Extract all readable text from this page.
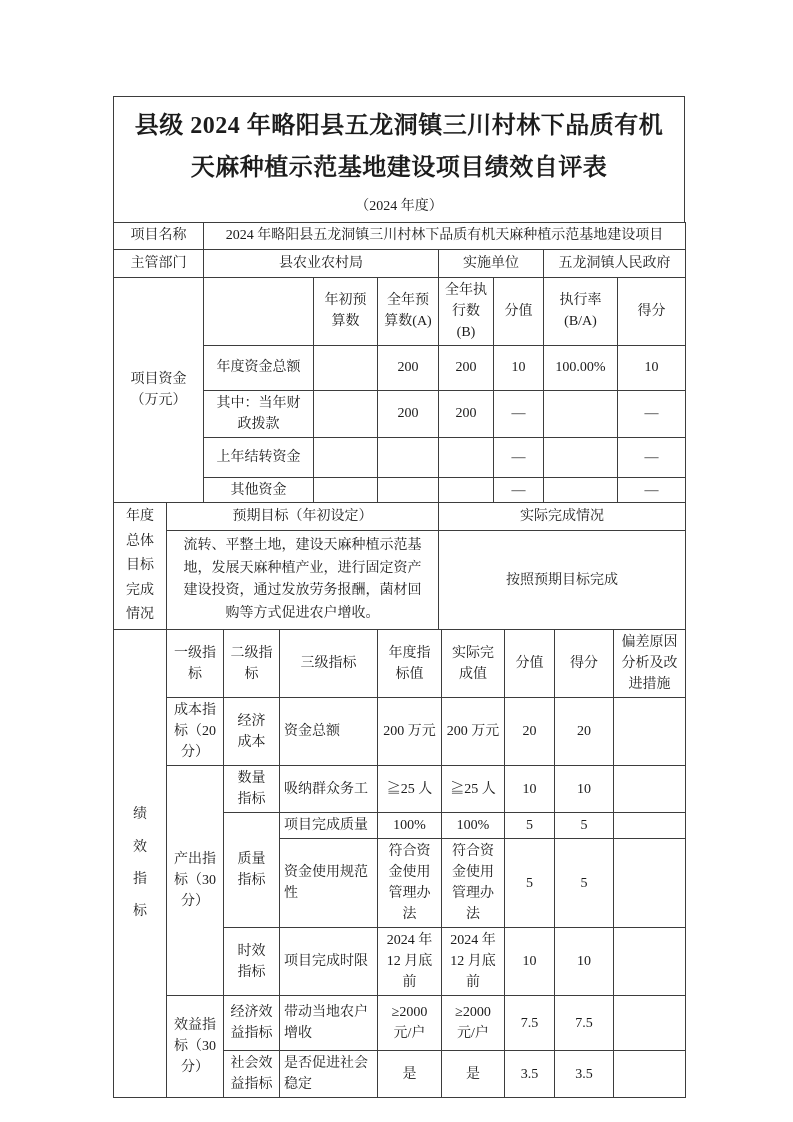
县级 2024 年略阳县五龙洞镇三川村林下品质有机天麻种植示范基地建设项目绩效自评表
（2024 年度）
项目名称	2024 年略阳县五龙洞镇三川村林下品质有机天麻种植示范基地建设项目						
主管部门	县农业农村局			实施单位		五龙洞镇人民政府	
项目资金
（万元）		年初预算数	全年预算数(A)	全年执行数(B)	分值	执行率 (B/A)	得分
	年度资金总额		200	200	10	100.00%	10
	其中：当年财政拨款		200	200	—		—
	上年结转资金				—		—
	其他资金				—		—
年度总体目标完成情况	预期目标（年初设定）	实际完成情况
	流转、平整土地，建设天麻种植示范基地，发展天麻种植产业，进行固定资产建设投资，通过发放劳务报酬，菌材回购等方式促进农户增收。	按照预期目标完成
绩效指标	一级指标	二级指标	三级指标	年度指标值	实际完成值	分值	得分	偏差原因分析及改进措施
	成本指标（20分）	经济成本	资金总额	200 万元	200 万元	20	20	
	产出指标（30分）	数量指标	吸纳群众务工	≧25 人	≧25 人	10	10	
		质量指标	项目完成质量	100%	100%	5	5	
			资金使用规范性	符合资金使用管理办法	符合资金使用管理办法	5	5	
		时效指标	项目完成时限	2024 年 12 月底前	2024 年 12 月底前	10	10	
	效益指标（30分）	经济效益指标	带动当地农户增收	≥2000 元/户	≥2000 元/户	7.5	7.5	
		社会效益指标	是否促进社会稳定	是	是	3.5	3.5	
